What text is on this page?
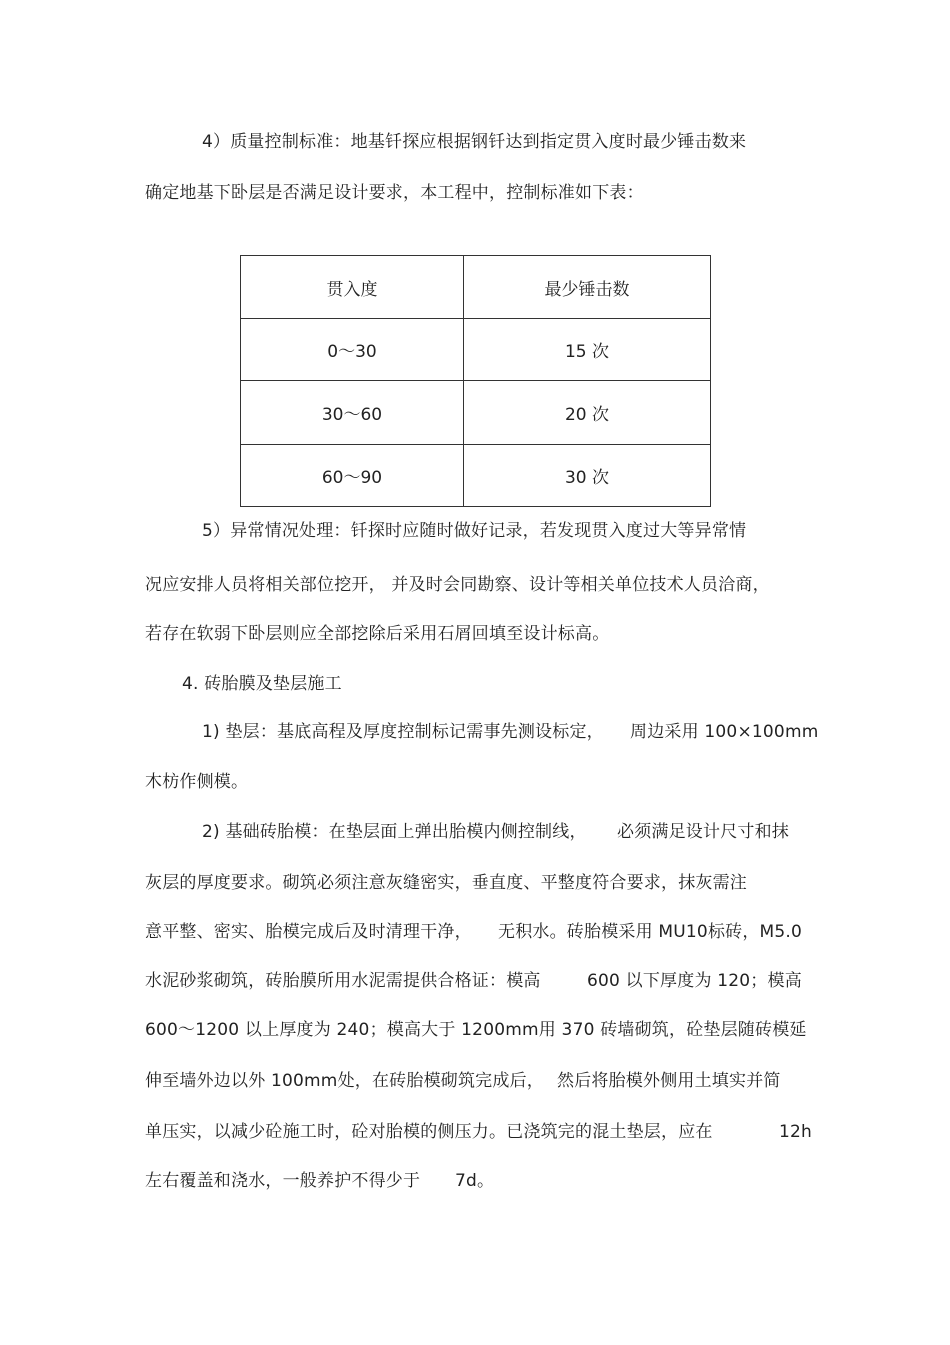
4）质量控制标准：地基钎探应根据钢钎达到指定贯入度时最少锤击数来
确定地基下卧层是否满足设计要求，本工程中，控制标准如下表：
贯入度	最少锤击数
0～30	15 次
30～60	20 次
60～90	30 次
5）异常情况处理：钎探时应随时做好记录，若发现贯入度过大等异常情
况应安排人员将相关部位挖开， 并及时会同勘察、设计等相关单位技术人员洽商，
若存在软弱下卧层则应全部挖除后采用石屑回填至设计标高。
4. 砖胎膜及垫层施工
1) 垫层：基底高程及厚度控制标记需事先测设标定， 周边采用 100×100mm
木枋作侧模。
2) 基础砖胎模：在垫层面上弹出胎模内侧控制线， 必须满足设计尺寸和抹
灰层的厚度要求。砌筑必须注意灰缝密实，垂直度、平整度符合要求，抹灰需注
意平整、密实、胎模完成后及时清理干净， 无积水。砖胎模采用 MU10标砖，M5.0
水泥砂浆砌筑，砖胎膜所用水泥需提供合格证：模高	600 以下厚度为 120；模高
600～1200 以上厚度为 240；模高大于 1200mm用 370 砖墙砌筑，砼垫层随砖模延
伸至墙外边以外 100mm处，在砖胎模砌筑完成后， 然后将胎模外侧用土填实并简
单压实，以减少砼施工时，砼对胎模的侧压力。已浇筑完的混土垫层，应在	12h
左右覆盖和浇水，一般养护不得少于 7d。
